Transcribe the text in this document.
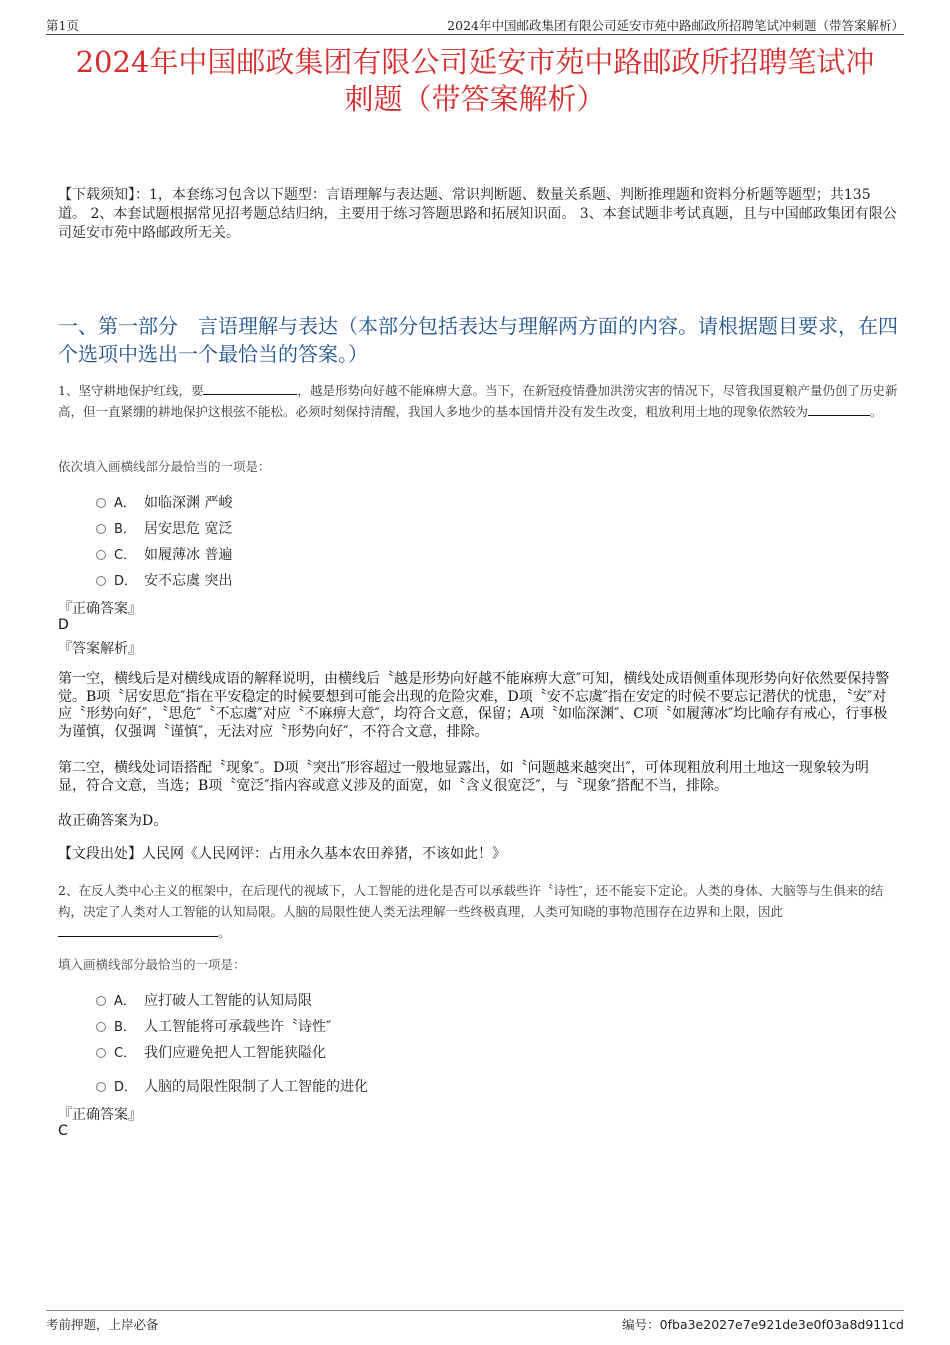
第1页	2024年中国邮政集团有限公司延安市苑中路邮政所招聘笔试冲刺题（带答案解析）
2024年中国邮政集团有限公司延安市苑中路邮政所招聘笔试冲
刺题（带答案解析）
【下载须知】：1，本套练习包含以下题型：言语理解与表达题、常识判断题、数量关系题、判断推理题和资料分析题等题型；共135道。 2、本套试题根据常见招考题总结归纳，主要用于练习答题思路和拓展知识面。 3、本套试题非考试真题，且与中国邮政集团有限公司延安市苑中路邮政所无关。
一、第一部分　言语理解与表达（本部分包括表达与理解两方面的内容。请根据题目要求，在四个选项中选出一个最恰当的答案。）
1、坚守耕地保护红线，要	，越是形势向好越不能麻痹大意。当下，在新冠疫情叠加洪涝灾害的情况下，尽管我国夏粮产量仍创了历史新高，但一直紧绷的耕地保护这根弦不能松。必须时刻保持清醒，我国人多地少的基本国情并没有发生改变，粗放利用土地的现象依然较为	。
依次填入画横线部分最恰当的一项是：
A． 如临深渊 严峻
B． 居安思危 宽泛
C． 如履薄冰 普遍
D． 安不忘虞 突出
『正确答案』
D
『答案解析』
第一空，横线后是对横线成语的解释说明，由横线后〝越是形势向好越不能麻痹大意″可知，横线处成语侧重体现形势向好依然要保持警觉。B项〝居安思危″指在平安稳定的时候要想到可能会出现的危险灾难，D项〝安不忘虞″指在安定的时候不要忘记潜伏的忧患，〝安″对应〝形势向好″，〝思危″〝不忘虞″对应〝不麻痹大意″，均符合文意，保留；A项〝如临深渊″、C项〝如履薄冰″均比喻存有戒心，行事极为谨慎，仅强调〝谨慎″，无法对应〝形势向好″，不符合文意，排除。
第二空，横线处词语搭配〝现象″。D项〝突出″形容超过一般地显露出，如〝问题越来越突出″，可体现粗放利用土地这一现象较为明显，符合文意，当选；B项〝宽泛″指内容或意义涉及的面宽，如〝含义很宽泛″，与〝现象″搭配不当，排除。
故正确答案为D。
【文段出处】人民网《人民网评：占用永久基本农田养猪，不该如此！》
2、在反人类中心主义的框架中，在后现代的视域下，人工智能的进化是否可以承载些许〝诗性″，还不能妄下定论。人类的身体、大脑等与生俱来的结构，决定了人类对人工智能的认知局限。人脑的局限性使人类无法理解一些终极真理，人类可知晓的事物范围存在边界和上限，因此。
填入画横线部分最恰当的一项是：
A． 应打破人工智能的认知局限
B． 人工智能将可承载些许〝诗性″
C． 我们应避免把人工智能狭隘化
D． 人脑的局限性限制了人工智能的进化
『正确答案』
C
考前押题，上岸必备	编号：0fba3e2027e7e921de3e0f03a8d911cd
